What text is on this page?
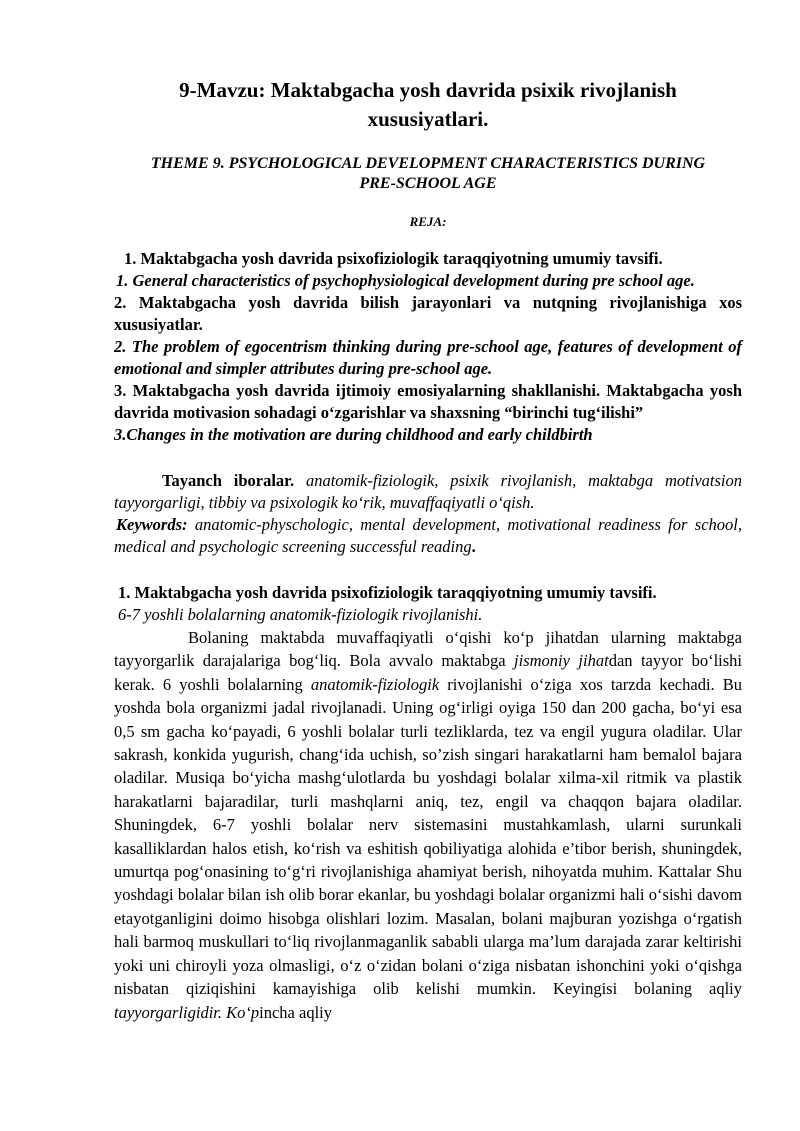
9-Mavzu: Maktabgacha yosh davrida psixik rivojlanish xususiyatlari.
THEME 9. PSYCHOLOGICAL DEVELOPMENT CHARACTERISTICS DURING PRE-SCHOOL AGE
REJA:

1. Maktabgacha yosh davrida psixofiziologik taraqqiyotning umumiy tavsifi.

1. General characteristics of psychophysiological development during pre school age.

2. Maktabgacha yosh davrida bilish jarayonlari va nutqning rivojlanishiga xos xususiyatlar.

2. The problem of egocentrism thinking during pre-school age, features of development of emotional and simpler attributes during pre-school age.

3. Maktabgacha yosh davrida ijtimoiy emosiyalarning shakllanishi. Maktabgacha yosh davrida motivasion sohadagi o‘zgarishlar va shaxsning “birinchi tug‘ilishi”

3.Changes in the motivation are during childhood and early childbirth

Tayanch iboralar. anatomik-fiziologik, psixik rivojlanish, maktabga motivatsion tayyorgarligi, tibbiy va psixologik ko‘rik, muvaffaqiyatli o‘qish.

Keywords: anatomic-physchologic, mental development, motivational readiness for school, medical and psychologic screening successful reading.

1. Maktabgacha yosh davrida psixofiziologik taraqqiyotning umumiy tavsifi.

6-7 yoshli bolalarning anatomik-fiziologik rivojlanishi.

Bolaning maktabda muvaffaqiyatli o‘qishi ko‘p jihatdan ularning maktabga tayyorgarlik darajalariga bog‘liq. Bola avvalo maktabga jismoniy jihatdan tayyor bo‘lishi kerak. 6 yoshli bolalarning anatomik-fiziologik rivojlanishi o‘ziga xos tarzda kechadi. Bu yoshda bola organizmi jadal rivojlanadi. Uning og‘irligi oyiga 150 dan 200 gacha, bo‘yi esa 0,5 sm gacha ko‘payadi, 6 yoshli bolalar turli tezliklarda, tez va engil yugura oladilar. Ular sakrash, konkida yugurish, chang‘ida uchish, so’zish singari harakatlarni ham bemalol bajara oladilar. Musiqa bo‘yicha mashg‘ulotlarda bu yoshdagi bolalar xilma-xil ritmik va plastik harakatlarni bajaradilar, turli mashqlarni aniq, tez, engil va chaqqon bajara oladilar. Shuningdek, 6-7 yoshli bolalar nerv sistemasini mustahkamlash, ularni surunkali kasalliklardan halos etish, ko‘rish va eshitish qobiliyatiga alohida e’tibor berish, shuningdek, umurtqa pog‘onasining to‘g‘ri rivojlanishiga ahamiyat berish, nihoyatda muhim. Kattalar Shu yoshdagi bolalar bilan ish olib borar ekanlar, bu yoshdagi bolalar organizmi hali o‘sishi davom etayotganligini doimo hisobga olishlari lozim. Masalan, bolani majburan yozishga o‘rgatish hali barmoq muskullari to‘liq rivojlanmaganlik sababli ularga ma’lum darajada zarar keltirishi yoki uni chiroyli yoza olmasligi, o‘z o‘zidan bolani o‘ziga nisbatan ishonchini yoki o‘qishga nisbatan qiziqishini kamayishiga olib kelishi mumkin. Keyingisi bolaning aqliy tayyorgarligidir. Ko‘pincha aqliy
